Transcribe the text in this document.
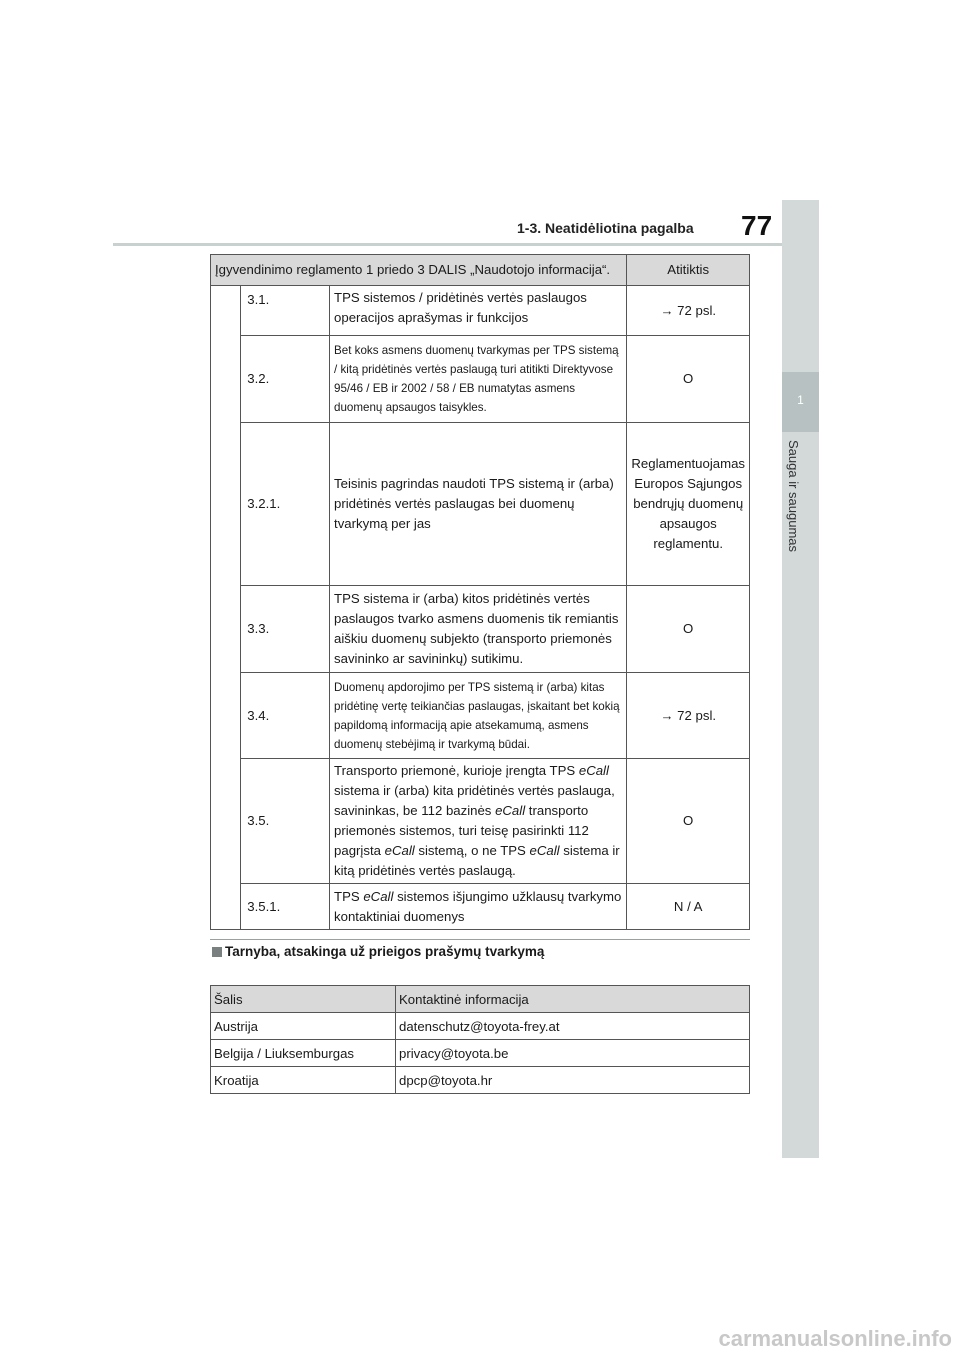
1-3. Neatidėliotina pagalba 77
1
Sauga ir saugumas
Įgyvendinimo reglamento 1 priedo 3 DALIS „Naudotojo informacija“.			Atitiktis
	3.1.	TPS sistemos / pridėtinės vertės paslaugos operacijos aprašymas ir funkcijos	→ 72 psl.
	3.2.	Bet koks asmens duomenų tvarkymas per TPS sistemą / kitą pridėtinės vertės paslaugą turi atitikti Direktyvose 95/46 / EB ir 2002 / 58 / EB numatytas asmens duomenų apsaugos taisykles.	O
	3.2.1.	Teisinis pagrindas naudoti TPS sistemą ir (arba) pridėtinės vertės paslaugas bei duomenų tvarkymą per jas	Reglamentuojamas Europos Sąjungos bendrųjų duomenų apsaugos reglamentu.
	3.3.	TPS sistema ir (arba) kitos pridėtinės vertės paslaugos tvarko asmens duomenis tik remiantis aiškiu duomenų subjekto (transporto priemonės savininko ar savininkų) sutikimu.	O
	3.4.	Duomenų apdorojimo per TPS sistemą ir (arba) kitas pridėtinę vertę teikiančias paslaugas, įskaitant bet kokią papildomą informaciją apie atsekamumą, asmens duomenų stebėjimą ir tvarkymą būdai.	→ 72 psl.
	3.5.	Transporto priemonė, kurioje įrengta TPS eCall sistema ir (arba) kita pridėtinės vertės paslauga, savininkas, be 112 bazinės eCall transporto priemonės sistemos, turi teisę pasirinkti 112 pagrįsta eCall sistemą, o ne TPS eCall sistema ir kitą pridėtinės vertės paslaugą.	O
	3.5.1.	TPS eCall sistemos išjungimo užklausų tvarkymo kontaktiniai duomenys	N / A
Tarnyba, atsakinga už prieigos prašymų tvarkymą
Šalis	Kontaktinė informacija
Austrija	datenschutz@toyota-frey.at
Belgija / Liuksemburgas	privacy@toyota.be
Kroatija	dpcp@toyota.hr
carmanualsonline.info
